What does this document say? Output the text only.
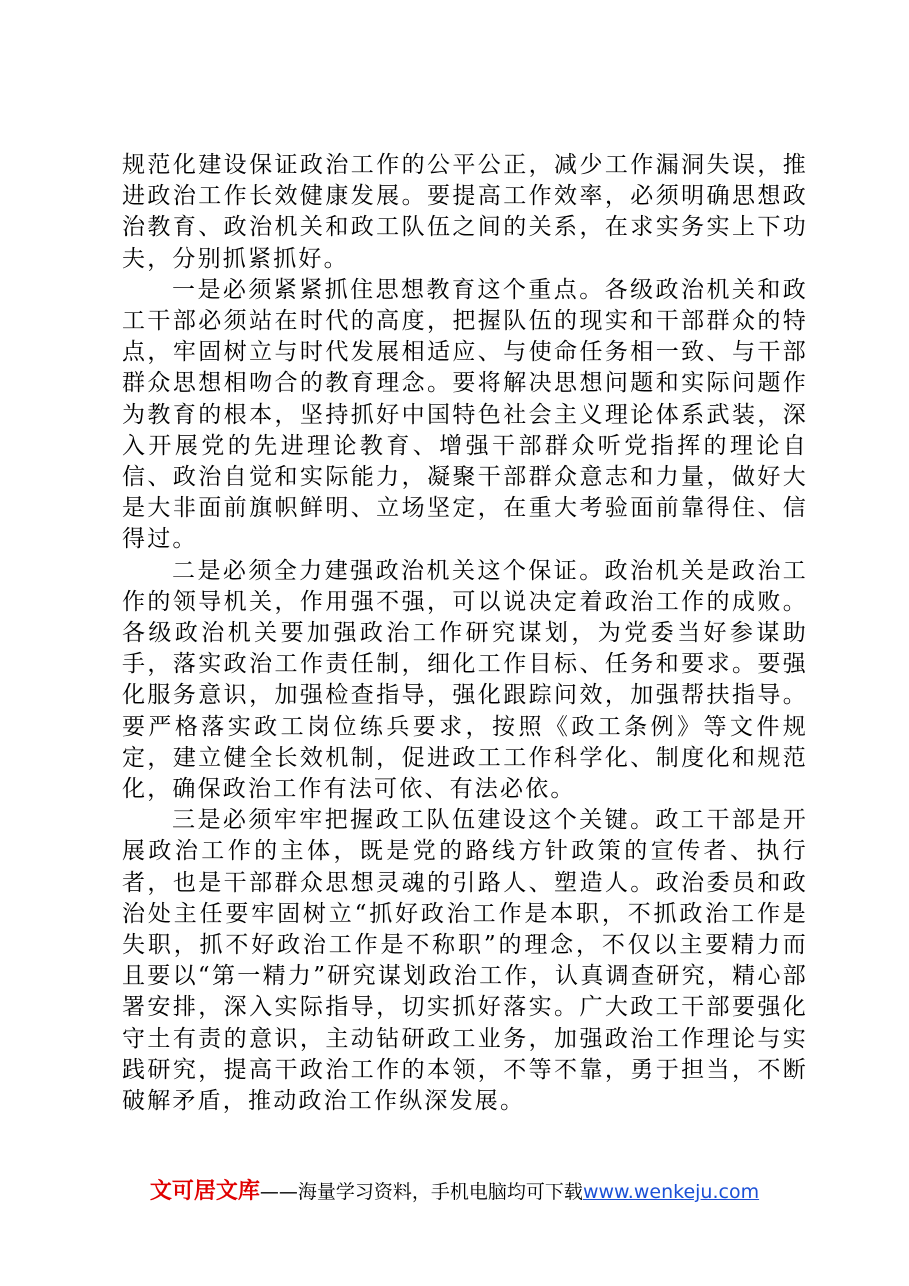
规范化建设保证政治工作的公平公正，减少工作漏洞失误，推进政治工作长效健康发展。要提高工作效率，必须明确思想政治教育、政治机关和政工队伍之间的关系，在求实务实上下功夫，分别抓紧抓好。

一是必须紧紧抓住思想教育这个重点。各级政治机关和政工干部必须站在时代的高度，把握队伍的现实和干部群众的特点，牢固树立与时代发展相适应、与使命任务相一致、与干部群众思想相吻合的教育理念。要将解决思想问题和实际问题作为教育的根本，坚持抓好中国特色社会主义理论体系武装，深入开展党的先进理论教育、增强干部群众听党指挥的理论自信、政治自觉和实际能力，凝聚干部群众意志和力量，做好大是大非面前旗帜鲜明、立场坚定，在重大考验面前靠得住、信得过。

二是必须全力建强政治机关这个保证。政治机关是政治工作的领导机关，作用强不强，可以说决定着政治工作的成败。各级政治机关要加强政治工作研究谋划，为党委当好参谋助手，落实政治工作责任制，细化工作目标、任务和要求。要强化服务意识，加强检查指导，强化跟踪问效，加强帮扶指导。要严格落实政工岗位练兵要求，按照《政工条例》等文件规定，建立健全长效机制，促进政工工作科学化、制度化和规范化，确保政治工作有法可依、有法必依。

三是必须牢牢把握政工队伍建设这个关键。政工干部是开展政治工作的主体，既是党的路线方针政策的宣传者、执行者，也是干部群众思想灵魂的引路人、塑造人。政治委员和政治处主任要牢固树立“抓好政治工作是本职，不抓政治工作是失职，抓不好政治工作是不称职”的理念，不仅以主要精力而且要以“第一精力”研究谋划政治工作，认真调查研究，精心部署安排，深入实际指导，切实抓好落实。广大政工干部要强化守土有责的意识，主动钻研政工业务，加强政治工作理论与实践研究，提高干政治工作的本领，不等不靠，勇于担当，不断破解矛盾，推动政治工作纵深发展。

文可居文库——海量学习资料，手机电脑均可下载www.wenkeju.com
